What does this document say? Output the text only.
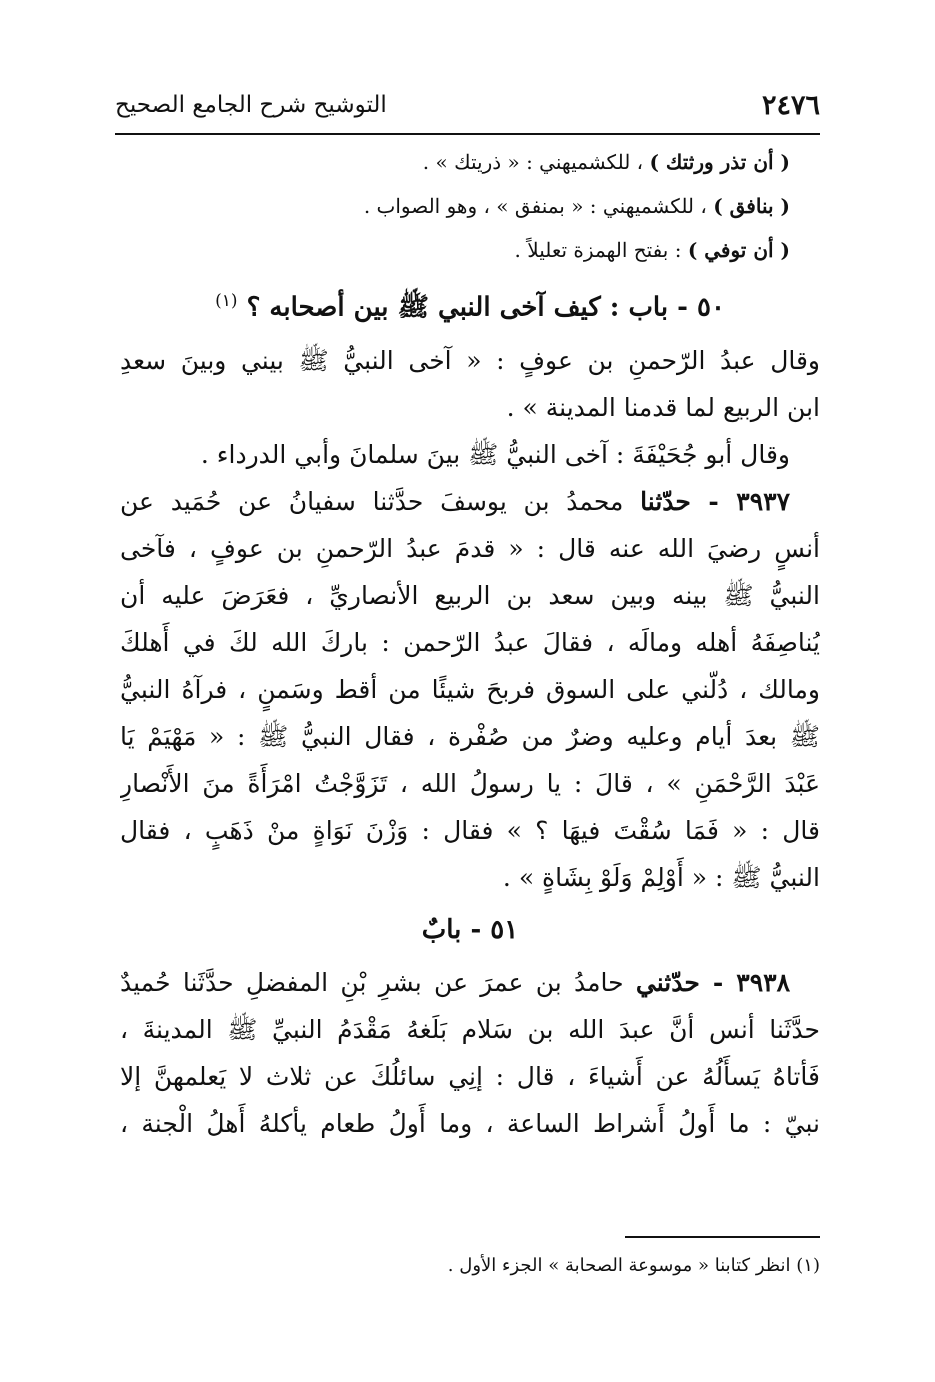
٢٤٧٦
التوشيح شرح الجامع الصحيح
( أن تذر ورثتك ) ، للكشميهني : « ذريتك » .
( بنافق ) ، للكشميهني : « بمنفق » ، وهو الصواب .
( أن توفي ) : بفتح الهمزة تعليلاً .
٥٠ - باب : كيف آخى النبي ﷺ بين أصحابه ؟ $^{(١)}$
وقال عبدُ الرّحمنِ بن عوفٍ : « آخى النبيُّ ﷺ بيني وبينَ سعدِ
ابن الربيع لما قدمنا المدينة » .
وقال أبو جُحَيْفَةَ : آخى النبيُّ ﷺ بينَ سلمانَ وأبي الدرداء .
٣٩٣٧ - حدّثنا محمدُ بن يوسفَ حدَّثنا سفيانُ عن حُمَيد عن
أنسٍ رضيَ الله عنه قال : « قدمَ عبدُ الرّحمنِ بن عوفٍ ، فآخى
النبيُّ ﷺ بينه وبين سعد بن الربيع الأنصاريِّ ، فعَرَضَ عليه أن
يُناصِفَهُ أهله ومالَه ، فقالَ عبدُ الرّحمن : باركَ الله لكَ في أَهلكَ
ومالك ، دُلّني على السوق فربحَ شيئًا من أقط وسَمنٍ ، فرآهُ النبيُّ
ﷺ بعدَ أيام وعليه وضرٌ من صُفْرة ، فقال النبيُّ ﷺ : « مَهْيَمْ يَا
عَبْدَ الرَّحْمَنِ » ، قالَ : يا رسولُ الله ، تَزَوَّجْتُ امْرَأَةً منَ الأَنْصارِ
قال : « فَمَا سُقْتَ فيهَا ؟ » فقال : وَزْنَ نَوَاةٍ منْ ذَهَبٍ ، فقال
النبيُّ ﷺ : « أَوْلِمْ وَلَوْ بِشَاةٍ » .
٥١ - بابٌ
٣٩٣٨ - حدّثني حامدُ بن عمرَ عن بشرِ بْنِ المفضلِ حدَّثَنا حُميدٌ
حدَّثَنا أنس أنَّ عبدَ الله بن سَلام بَلَغهُ مَقْدَمُ النبيِّ ﷺ المدينةَ ،
فَأتاهُ يَسأَلُهُ عن أَشياءَ ، قال : إنِي سائلُكَ عن ثلاث لا يَعلمهنَّ إلا
نبيّ : ما أَولُ أَشراط الساعة ، وما أَولُ طعام يأكلهُ أَهلُ الْجنة ،
(١) انظر كتابنا « موسوعة الصحابة » الجزء الأول .
